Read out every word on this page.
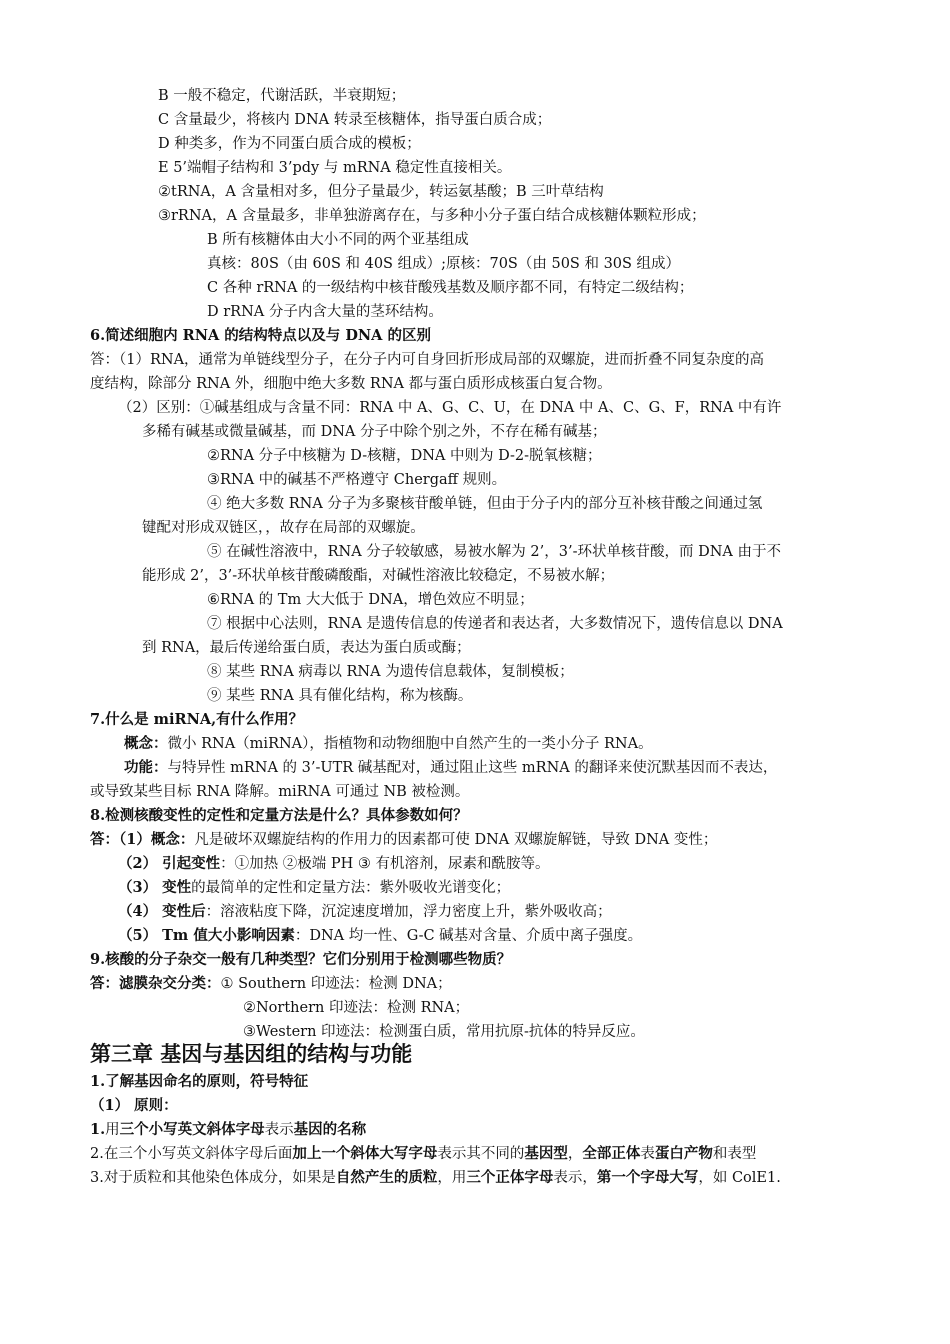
B 一般不稳定，代谢活跃，半衰期短；
C 含量最少，将核内 DNA 转录至核糖体，指导蛋白质合成；
D 种类多，作为不同蛋白质合成的模板；
E 5’端帽子结构和 3’pdy 与 mRNA 稳定性直接相关。
②tRNA，A 含量相对多，但分子量最少，转运氨基酸；B 三叶草结构
③rRNA，A 含量最多，非单独游离存在，与多种小分子蛋白结合成核糖体颗粒形成；
B 所有核糖体由大小不同的两个亚基组成
真核：80S（由 60S 和 40S 组成）;原核：70S（由 50S 和 30S 组成）
C 各种 rRNA 的一级结构中核苷酸残基数及顺序都不同，有特定二级结构；
D rRNA 分子内含大量的茎环结构。
6.简述细胞内 RNA 的结构特点以及与 DNA 的区别
答：（1）RNA，通常为单链线型分子，在分子内可自身回折形成局部的双螺旋，进而折叠不同复杂度的高
度结构，除部分 RNA 外，细胞中绝大多数 RNA 都与蛋白质形成核蛋白复合物。
（2）区别：①碱基组成与含量不同：RNA 中 A、G、C、U，在 DNA 中 A、C、G、F，RNA 中有许
多稀有碱基或微量碱基，而 DNA 分子中除个别之外，不存在稀有碱基；
②RNA 分子中核糖为 D-核糖，DNA 中则为 D-2-脱氧核糖；
③RNA 中的碱基不严格遵守 Chergaff 规则。
④ 绝大多数 RNA 分子为多聚核苷酸单链，但由于分子内的部分互补核苷酸之间通过氢
键配对形成双链区，，故存在局部的双螺旋。
⑤ 在碱性溶液中，RNA 分子较敏感，易被水解为 2’，3’-环状单核苷酸，而 DNA 由于不
能形成 2’，3’-环状单核苷酸磷酸酯，对碱性溶液比较稳定，不易被水解；
⑥RNA 的 Tm 大大低于 DNA，增色效应不明显；
⑦ 根据中心法则，RNA 是遗传信息的传递者和表达者，大多数情况下，遗传信息以 DNA
到 RNA，最后传递给蛋白质，表达为蛋白质或酶；
⑧ 某些 RNA 病毒以 RNA 为遗传信息载体，复制模板；
⑨ 某些 RNA 具有催化结构，称为核酶。
7.什么是 miRNA,有什么作用？
概念：微小 RNA（miRNA），指植物和动物细胞中自然产生的一类小分子 RNA。
功能：与特异性 mRNA 的 3’-UTR 碱基配对，通过阻止这些 mRNA 的翻译来使沉默基因而不表达，
或导致某些目标 RNA 降解。miRNA 可通过 NB 被检测。
8.检测核酸变性的定性和定量方法是什么？具体参数如何？
答：（1）概念：凡是破坏双螺旋结构的作用力的因素都可使 DNA 双螺旋解链，导致 DNA 变性；
（2） 引起变性：①加热 ②极端 PH ③ 有机溶剂，尿素和酰胺等。
（3） 变性的最简单的定性和定量方法：紫外吸收光谱变化；
（4） 变性后：溶液粘度下降，沉淀速度增加，浮力密度上升，紫外吸收高；
（5） Tm 值大小影响因素：DNA 均一性、G-C 碱基对含量、介质中离子强度。
9.核酸的分子杂交一般有几种类型？它们分别用于检测哪些物质？
答：滤膜杂交分类：① Southern 印迹法：检测 DNA；
②Northern 印迹法：检测 RNA；
③Western 印迹法：检测蛋白质，常用抗原-抗体的特异反应。
第三章 基因与基因组的结构与功能
1.了解基因命名的原则，符号特征
（1） 原则：
1.用三个小写英文斜体字母表示基因的名称
2.在三个小写英文斜体字母后面加上一个斜体大写字母表示其不同的基因型，全部正体表蛋白产物和表型
3.对于质粒和其他染色体成分，如果是自然产生的质粒，用三个正体字母表示，第一个字母大写，如 ColE1.
